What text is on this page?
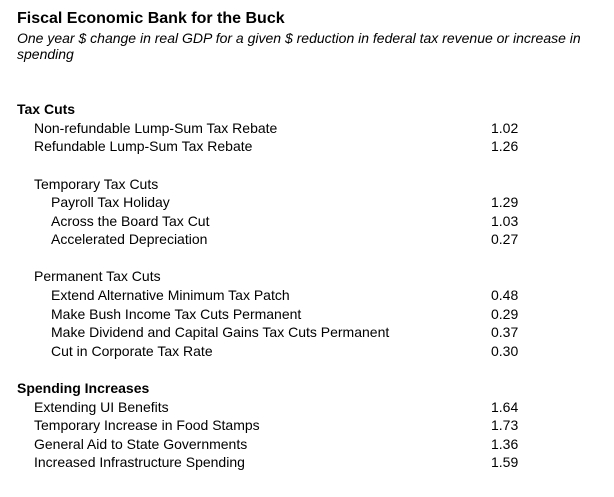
Fiscal Economic Bank for the Buck
One year $ change in real GDP for a given $ reduction in federal tax revenue or increase in spending
Tax Cuts
Non-refundable Lump-Sum Tax Rebate	1.02
Refundable Lump-Sum Tax Rebate	1.26
Temporary Tax Cuts
Payroll Tax Holiday	1.29
Across the Board Tax Cut	1.03
Accelerated Depreciation	0.27
Permanent Tax Cuts
Extend Alternative Minimum Tax Patch	0.48
Make Bush Income Tax Cuts Permanent	0.29
Make Dividend and Capital Gains Tax Cuts Permanent	0.37
Cut in Corporate Tax Rate	0.30
Spending Increases
Extending UI Benefits	1.64
Temporary Increase in Food Stamps	1.73
General Aid to State Governments	1.36
Increased Infrastructure Spending	1.59
